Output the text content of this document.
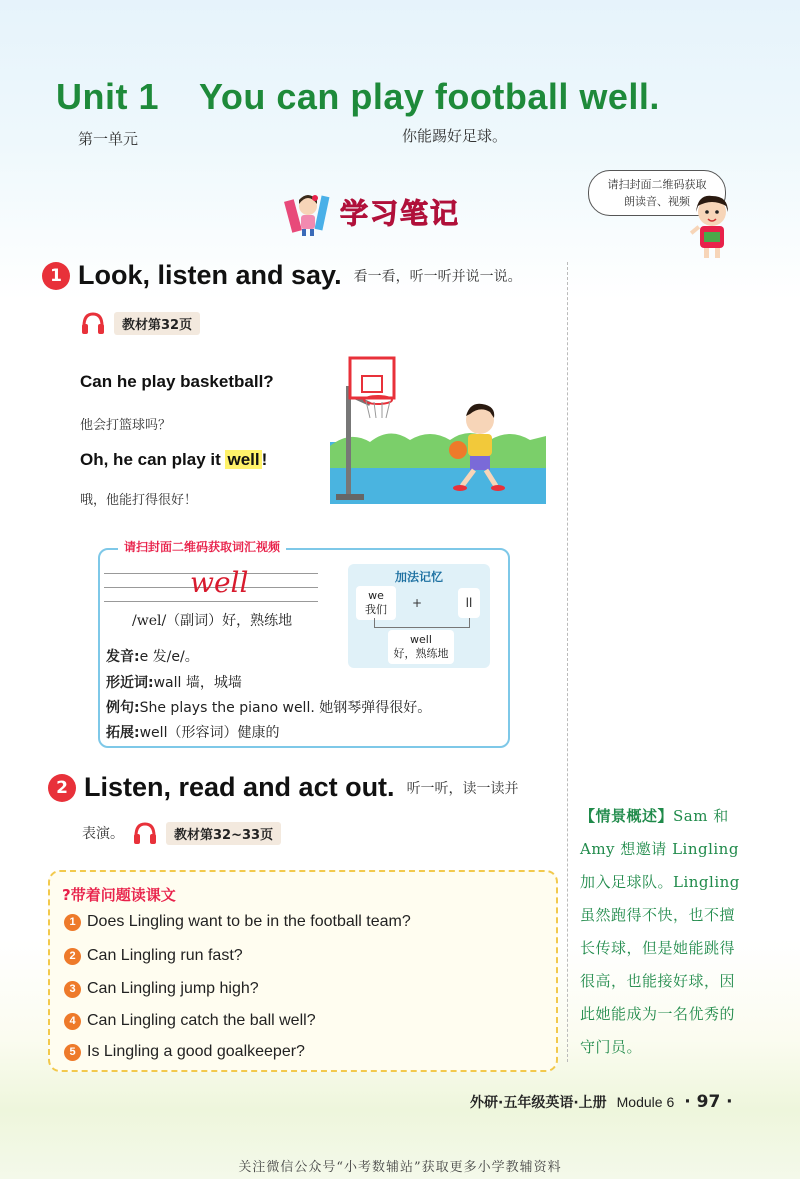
Unit 1 You can play football well.
第一单元	你能踢好足球。
学习笔记
请扫封面二维码获取
朗读音、视频
1 Look, listen and say. 看一看，听一听并说一说。
教材第32页
Can he play basketball?
他会打篮球吗？
Oh, he can play it well !
哦，他能打得很好！
请扫封面二维码获取词汇视频
well
/wel/（副词）好，熟练地
发音:e 发/e/。
形近词:wall 墙，城墙
例句:She plays the piano well. 她钢琴弹得很好。
拓展:well（形容词）健康的
加法记忆
we
我们	+	ll
well
好，熟练地
2 Listen, read and act out. 听一听，读一读并
表演。	教材第32~33页
?带着问题读课文
1 Does Lingling want to be in the football team?
2 Can Lingling run fast?
3 Can Lingling jump high?
4 Can Lingling catch the ball well?
5 Is Lingling a good goalkeeper?
【情景概述】Sam 和 Amy 想邀请 Lingling 加入足球队。Lingling 虽然跑得不快，也不擅长传球，但是她能跳得很高，也能接好球，因此她能成为一名优秀的守门员。
外研·五年级英语·上册 Module 6 · 97 ·
关注微信公众号“小考数辅站”获取更多小学教辅资料
